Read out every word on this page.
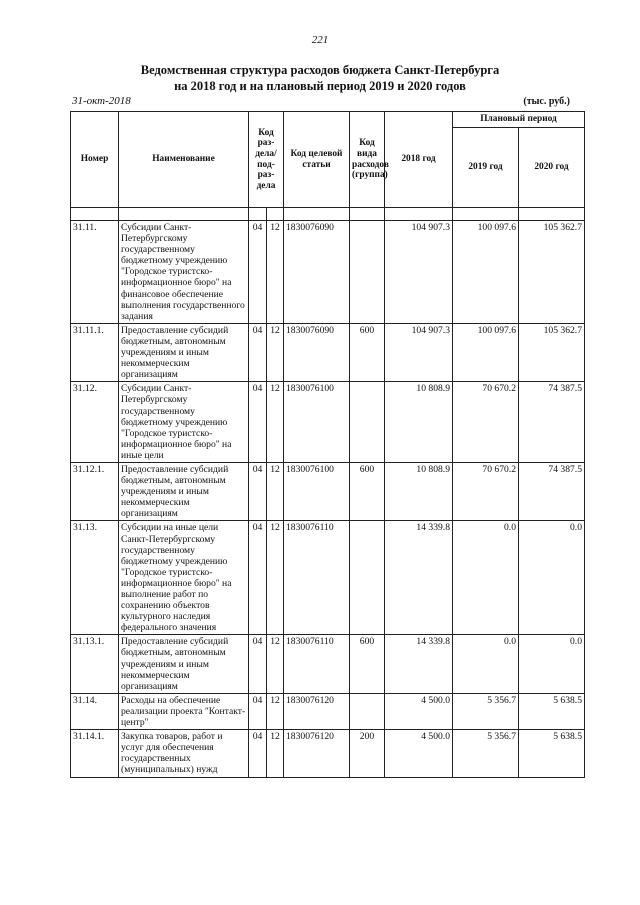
221
Ведомственная структура расходов бюджета Санкт-Петербурга
на 2018 год и на плановый период 2019 и 2020 годов
31-окт-2018	(тыс. руб.)
Номер	Наименование	Код раз-дела/ под-раз-дела		Код целевой статьи	Код вида расходов (группа)	2018 год	Плановый период	
							2019 год	2020 год

31.11.	Субсидии Санкт-Петербургскому государственному бюджетному учреждению "Городское туристско-информационное бюро" на финансовое обеспечение выполнения государственного задания	04	12	1830076090		104 907.3	100 097.6	105 362.7
31.11.1.	Предоставление субсидий бюджетным, автономным учреждениям и иным некоммерческим организациям	04	12	1830076090	600	104 907.3	100 097.6	105 362.7
31.12.	Субсидии Санкт-Петербургскому государственному бюджетному учреждению "Городское туристско-информационное бюро" на иные цели	04	12	1830076100		10 808.9	70 670.2	74 387.5
31.12.1.	Предоставление субсидий бюджетным, автономным учреждениям и иным некоммерческим организациям	04	12	1830076100	600	10 808.9	70 670.2	74 387.5
31.13.	Субсидии на иные цели Санкт-Петербургскому государственному бюджетному учреждению "Городское туристско-информационное бюро" на выполнение работ по сохранению объектов культурного наследия федерального значения	04	12	1830076110		14 339.8	0.0	0.0
31.13.1.	Предоставление субсидий бюджетным, автономным учреждениям и иным некоммерческим организациям	04	12	1830076110	600	14 339.8	0.0	0.0
31.14.	Расходы на обеспечение реализации проекта "Контакт-центр"	04	12	1830076120		4 500.0	5 356.7	5 638.5
31.14.1.	Закупка товаров, работ и услуг для обеспечения государственных (муниципальных) нужд	04	12	1830076120	200	4 500.0	5 356.7	5 638.5
